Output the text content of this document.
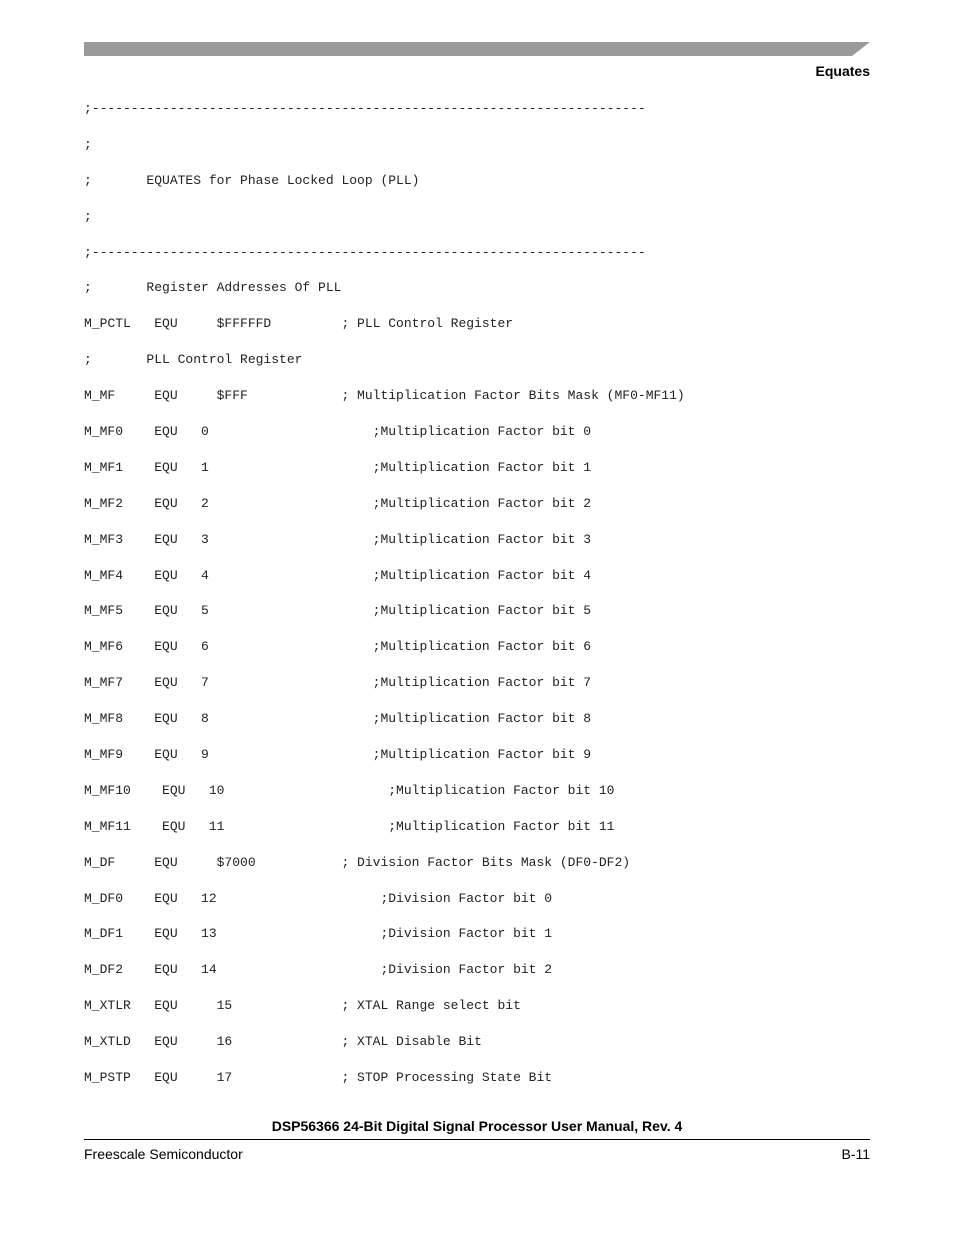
Equates
;-----------------------------------------------------------------------
;
;       EQUATES for Phase Locked Loop (PLL)
;
;-----------------------------------------------------------------------
;       Register Addresses Of PLL
M_PCTL   EQU     $FFFFFD         ; PLL Control Register
;       PLL Control Register
M_MF     EQU     $FFF            ; Multiplication Factor Bits Mask (MF0-MF11)
M_MF0    EQU   0                     ;Multiplication Factor bit 0
M_MF1    EQU   1                     ;Multiplication Factor bit 1
M_MF2    EQU   2                     ;Multiplication Factor bit 2
M_MF3    EQU   3                     ;Multiplication Factor bit 3
M_MF4    EQU   4                     ;Multiplication Factor bit 4
M_MF5    EQU   5                     ;Multiplication Factor bit 5
M_MF6    EQU   6                     ;Multiplication Factor bit 6
M_MF7    EQU   7                     ;Multiplication Factor bit 7
M_MF8    EQU   8                     ;Multiplication Factor bit 8
M_MF9    EQU   9                     ;Multiplication Factor bit 9
M_MF10    EQU   10                     ;Multiplication Factor bit 10
M_MF11    EQU   11                     ;Multiplication Factor bit 11
M_DF     EQU     $7000           ; Division Factor Bits Mask (DF0-DF2)
M_DF0    EQU   12                     ;Division Factor bit 0
M_DF1    EQU   13                     ;Division Factor bit 1
M_DF2    EQU   14                     ;Division Factor bit 2
M_XTLR   EQU     15              ; XTAL Range select bit
M_XTLD   EQU     16              ; XTAL Disable Bit
M_PSTP   EQU     17              ; STOP Processing State Bit
DSP56366 24-Bit Digital Signal Processor User Manual, Rev. 4
Freescale Semiconductor	B-11
